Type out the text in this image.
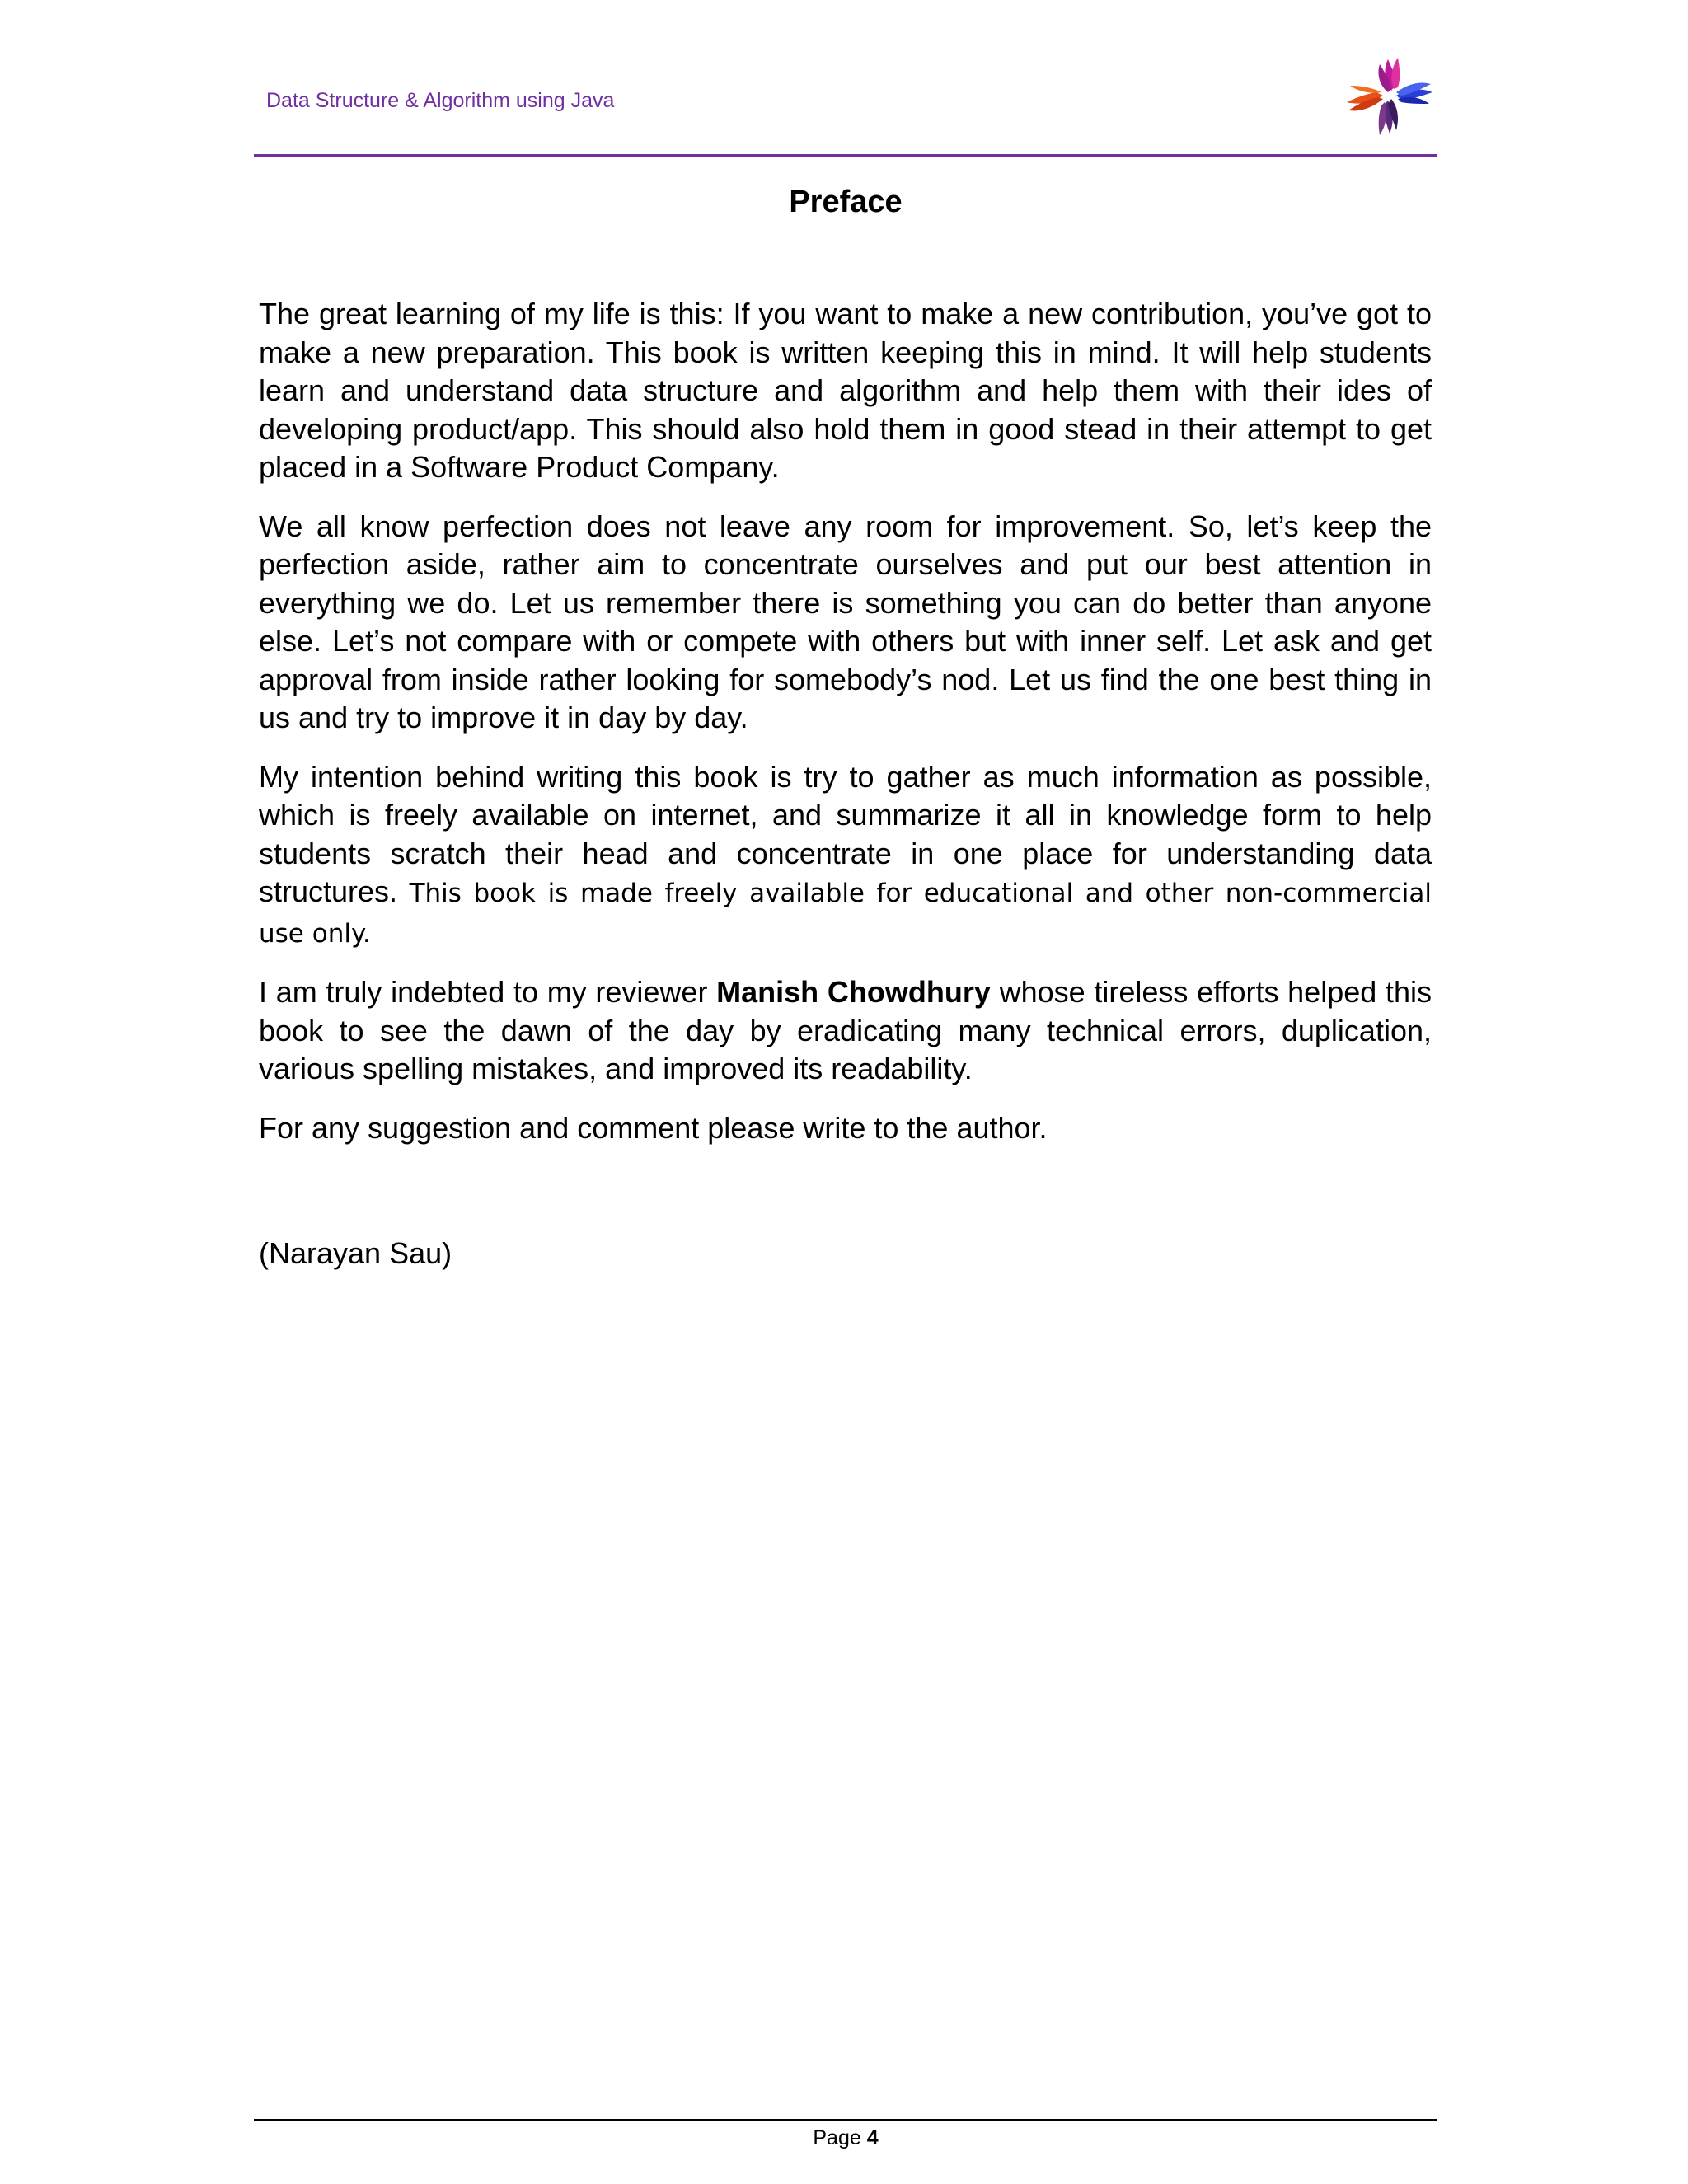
Data Structure & Algorithm using Java
Preface

The great learning of my life is this: If you want to make a new contribution, you’ve got to make a new preparation. This book is written keeping this in mind. It will help students learn and understand data structure and algorithm and help them with their ides of developing product/app. This should also hold them in good stead in their attempt to get placed in a Software Product Company.

We all know perfection does not leave any room for improvement. So, let’s keep the perfection aside, rather aim to concentrate ourselves and put our best attention in everything we do. Let us remember there is something you can do better than anyone else. Let’s not compare with or compete with others but with inner self. Let ask and get approval from inside rather looking for somebody’s nod. Let us find the one best thing in us and try to improve it in day by day.

My intention behind writing this book is try to gather as much information as possible, which is freely available on internet, and summarize it all in knowledge form to help students scratch their head and concentrate in one place for understanding data structures. This book is made freely available for educational and other non-commercial use only.

I am truly indebted to my reviewer Manish Chowdhury whose tireless efforts helped this book to see the dawn of the day by eradicating many technical errors, duplication, various spelling mistakes, and improved its readability.

For any suggestion and comment please write to the author.

(Narayan Sau)
Page 4
